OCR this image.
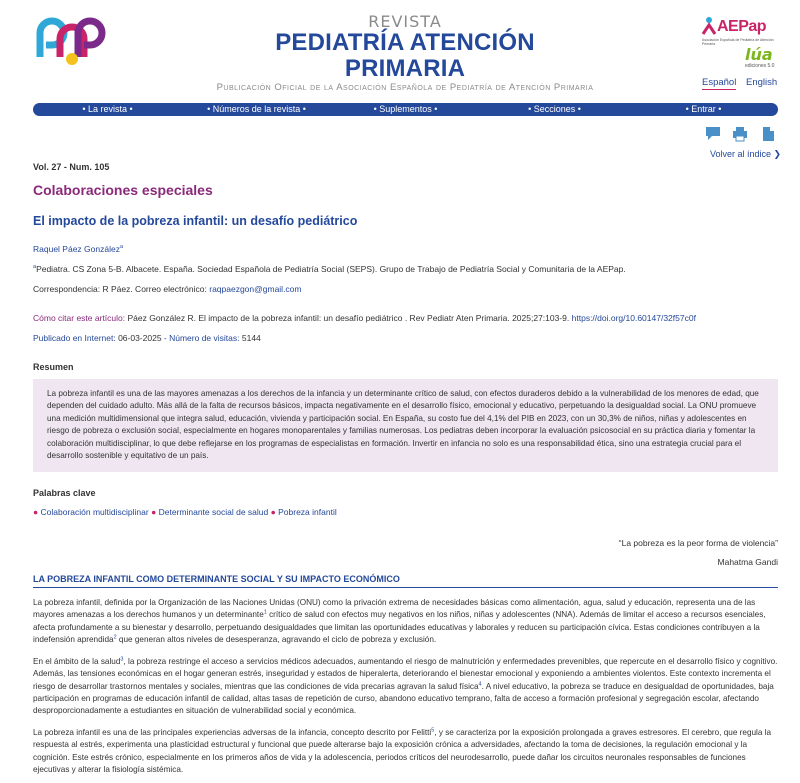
REVISTA
PEDIATRÍA ATENCIÓN PRIMARIA
Publicación Oficial de la Asociación Española de Pediatría de Atención Primaria
AEPap
Asociación Española de Pediatría de Atención Primaria
lúa
ediciones 5.0
Español English
• La revista •	• Números de la revista •	• Suplementos •	• Secciones •	• Entrar •
Volver al índice ❯
Vol. 27 - Num. 105
Colaboraciones especiales
El impacto de la pobreza infantil: un desafío pediátrico
Raquel Páez González$^a$
$^a$Pediatra. CS Zona 5-B. Albacete. España. Sociedad Española de Pediatría Social (SEPS). Grupo de Trabajo de Pediatría Social y Comunitaria de la AEPap.
Correspondencia: R Páez. Correo electrónico: raqpaezgon@gmail.com
Cómo citar este artículo: Páez González R. El impacto de la pobreza infantil: un desafío pediátrico . Rev Pediatr Aten Primaria. 2025;27:103-9. https://doi.org/10.60147/32f57c0f
Publicado en Internet: 06-03-2025 - Número de visitas: 5144
Resumen
La pobreza infantil es una de las mayores amenazas a los derechos de la infancia y un determinante crítico de salud, con efectos duraderos debido a la vulnerabilidad de los menores de edad, que dependen del cuidado adulto. Más allá de la falta de recursos básicos, impacta negativamente en el desarrollo físico, emocional y educativo, perpetuando la desigualdad social. La ONU promueve una medición multidimensional que integra salud, educación, vivienda y participación social. En España, su costo fue del 4,1% del PIB en 2023, con un 30,3% de niños, niñas y adolescentes en riesgo de pobreza o exclusión social, especialmente en hogares monoparentales y familias numerosas. Los pediatras deben incorporar la evaluación psicosocial en su práctica diaria y fomentar la colaboración multidisciplinar, lo que debe reflejarse en los programas de especialistas en formación. Invertir en infancia no solo es una responsabilidad ética, sino una estrategia crucial para el desarrollo sostenible y equitativo de un país.
Palabras clave
● Colaboración multidisciplinar ● Determinante social de salud ● Pobreza infantil
“La pobreza es la peor forma de violencia”
Mahatma Gandi
LA POBREZA INFANTIL COMO DETERMINANTE SOCIAL Y SU IMPACTO ECONÓMICO
La pobreza infantil, definida por la Organización de las Naciones Unidas (ONU) como la privación extrema de necesidades básicas como alimentación, agua, salud y educación, representa una de las mayores amenazas a los derechos humanos y un determinante$^1$ crítico de salud con efectos muy negativos en los niños, niñas y adolescentes (NNA). Además de limitar el acceso a recursos esenciales, afecta profundamente a su bienestar y desarrollo, perpetuando desigualdades que limitan las oportunidades educativas y laborales y reducen su participación cívica. Estas condiciones contribuyen a la indefensión aprendida$^2$ que generan altos niveles de desesperanza, agravando el ciclo de pobreza y exclusión.
En el ámbito de la salud$^3$, la pobreza restringe el acceso a servicios médicos adecuados, aumentando el riesgo de malnutrición y enfermedades prevenibles, que repercute en el desarrollo físico y cognitivo. Además, las tensiones económicas en el hogar generan estrés, inseguridad y estados de hiperalerta, deteriorando el bienestar emocional y exponiendo a ambientes violentos. Este contexto incrementa el riesgo de desarrollar trastornos mentales y sociales, mientras que las condiciones de vida precarias agravan la salud física$^4$. A nivel educativo, la pobreza se traduce en desigualdad de oportunidades, baja participación en programas de educación infantil de calidad, altas tasas de repetición de curso, abandono educativo temprano, falta de acceso a formación profesional y segregación escolar, afectando desproporcionadamente a estudiantes en situación de vulnerabilidad social y económica.
La pobreza infantil es una de las principales experiencias adversas de la infancia, concepto descrito por Felitti$^5$, y se caracteriza por la exposición prolongada a graves estresores. El cerebro, que regula la respuesta al estrés, experimenta una plasticidad estructural y funcional que puede alterarse bajo la exposición crónica a adversidades, afectando la toma de decisiones, la regulación emocional y la cognición. Este estrés crónico, especialmente en los primeros años de vida y la adolescencia, periodos críticos del neurodesarrollo, puede dañar los circuitos neuronales responsables de funciones ejecutivas y alterar la fisiología sistémica.
